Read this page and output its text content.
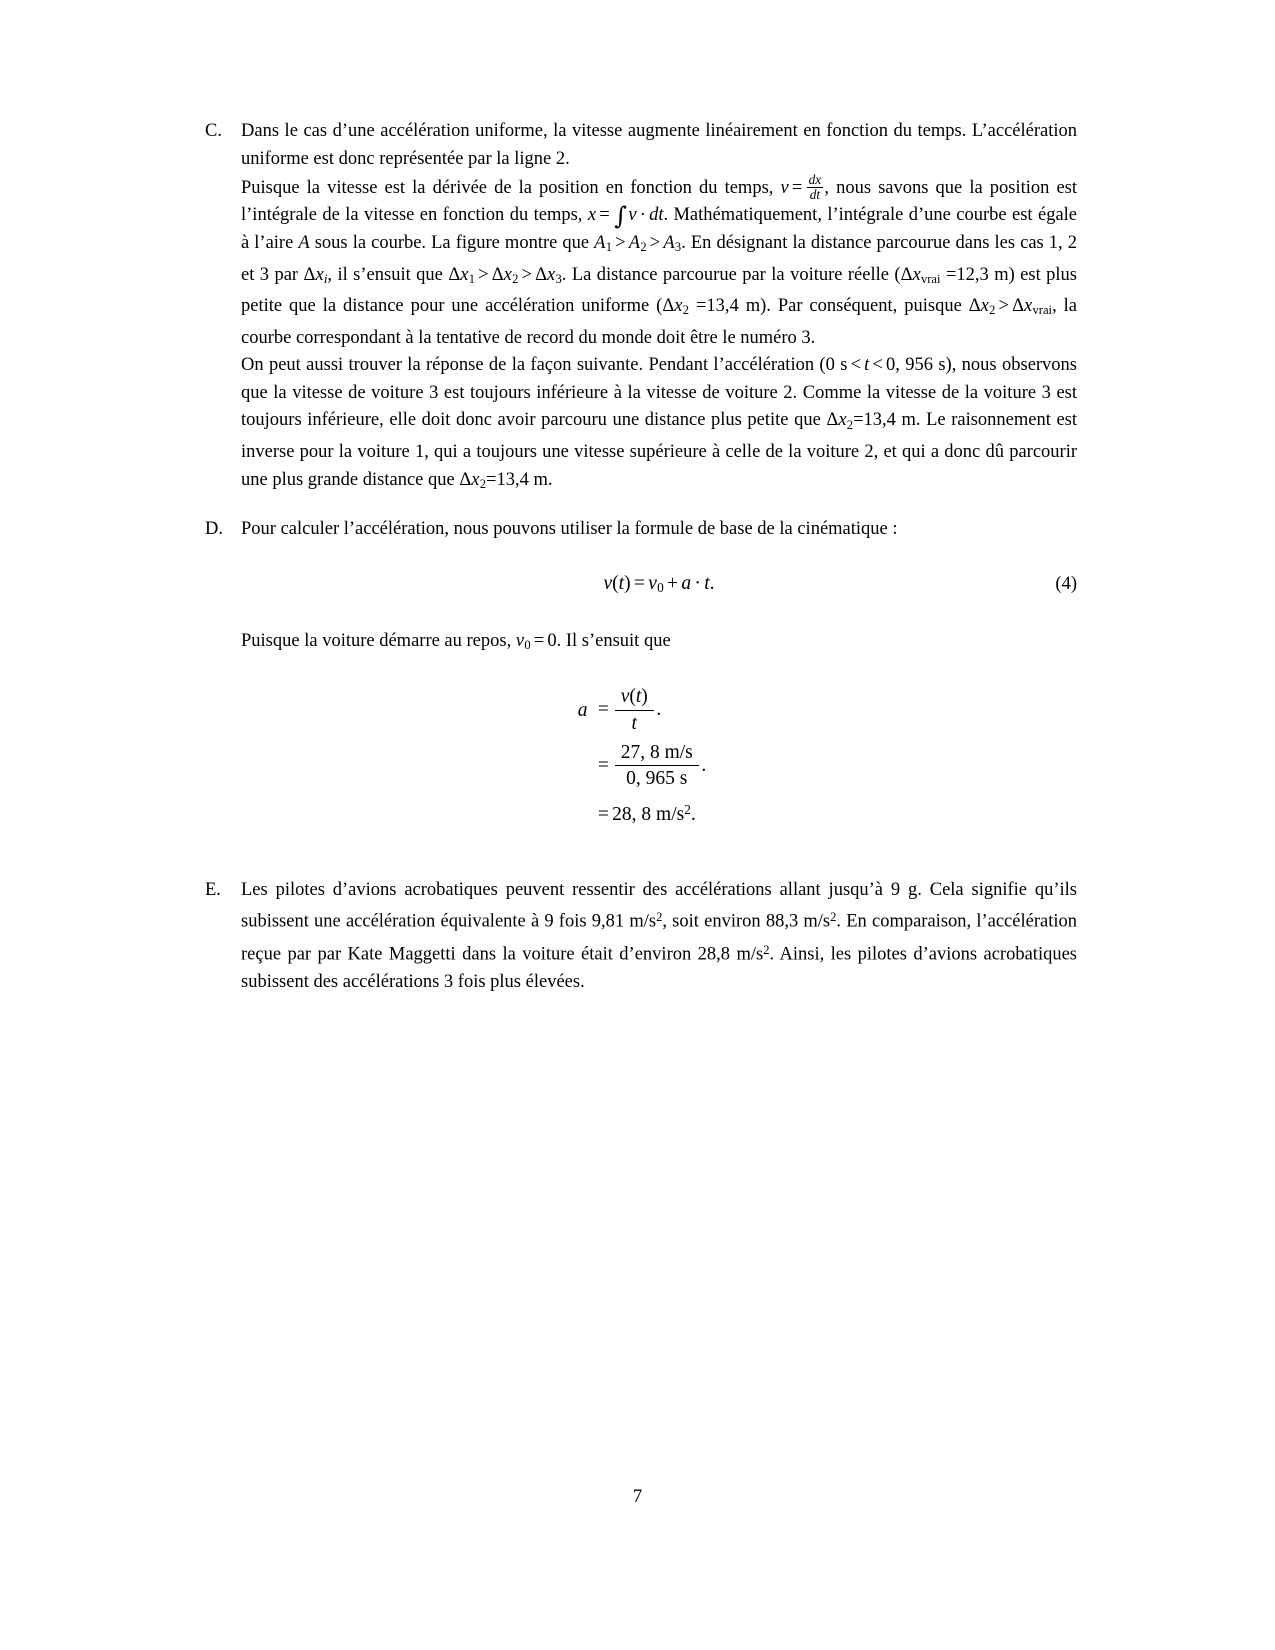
C.	Dans le cas d’une accélération uniforme, la vitesse augmente linéairement en fonction du temps. L’accélération uniforme est donc représentée par la ligne 2.

Puisque la vitesse est la dérivée de la position en fonction du temps, $v = \frac{dx}{dt}$ , nous savons que la position est l’intégrale de la vitesse en fonction du temps, x = ∫v · dt. Mathématiquement, l’intégrale d’une courbe est égale à l’aire A sous la courbe. La figure montre que $A_1 > A_2 > A_3$. En désignant la distance parcourue dans les cas 1, 2 et 3 par $\Delta x_i$, il s’ensuit que $\Delta x_1 > \Delta x_2 > \Delta x_3$. La distance parcourue par la voiture réelle ($\Delta x_{vrai} =12,3$ m) est plus petite que la distance pour une accélération uniforme ($\Delta x_2 =13,4$ m). Par conséquent, puisque $\Delta x_2 > \Delta x_{vrai}$, la courbe correspondant à la tentative de record du monde doit être le numéro 3.

On peut aussi trouver la réponse de la façon suivante. Pendant l’accélération (0 s < t < 0, 956 s), nous observons que la vitesse de voiture 3 est toujours inférieure à la vitesse de voiture 2. Comme la vitesse de la voiture 3 est toujours inférieure, elle doit donc avoir parcouru une distance plus petite que $\Delta x_2=13,4$ m. Le raisonnement est inverse pour la voiture 1, qui a toujours une vitesse supérieure à celle de la voiture 2, et qui a donc dû parcourir une plus grande distance que $\Delta x_2=13,4$ m.

D. Pour calculer l’accélération, nous pouvons utiliser la formule de base de la cinématique :

$v(t) = v_0 + a \cdot t$.	(4)

Puisque la voiture démarre au repos, $v_0 = 0$. Il s’ensuit que

$a = \frac{v(t)}{t}$ .
= $\frac{27, 8 m/s}{0, 965 s}$ .
= 28, 8 $m/s^2$.
E.	Les pilotes d’avions acrobatiques peuvent ressentir des accélérations allant jusqu’à 9 g. Cela signifie qu’ils subissent une accélération équivalente à 9 fois 9,81 $m/s^2$, soit environ 88,3 $m/s^2$. En comparaison, l’accélération reçue par par Kate Maggetti dans la voiture était d’environ 28,8 $m/s^2$. Ainsi, les pilotes d’avions acrobatiques subissent des accélérations 3 fois plus élevées.

7
